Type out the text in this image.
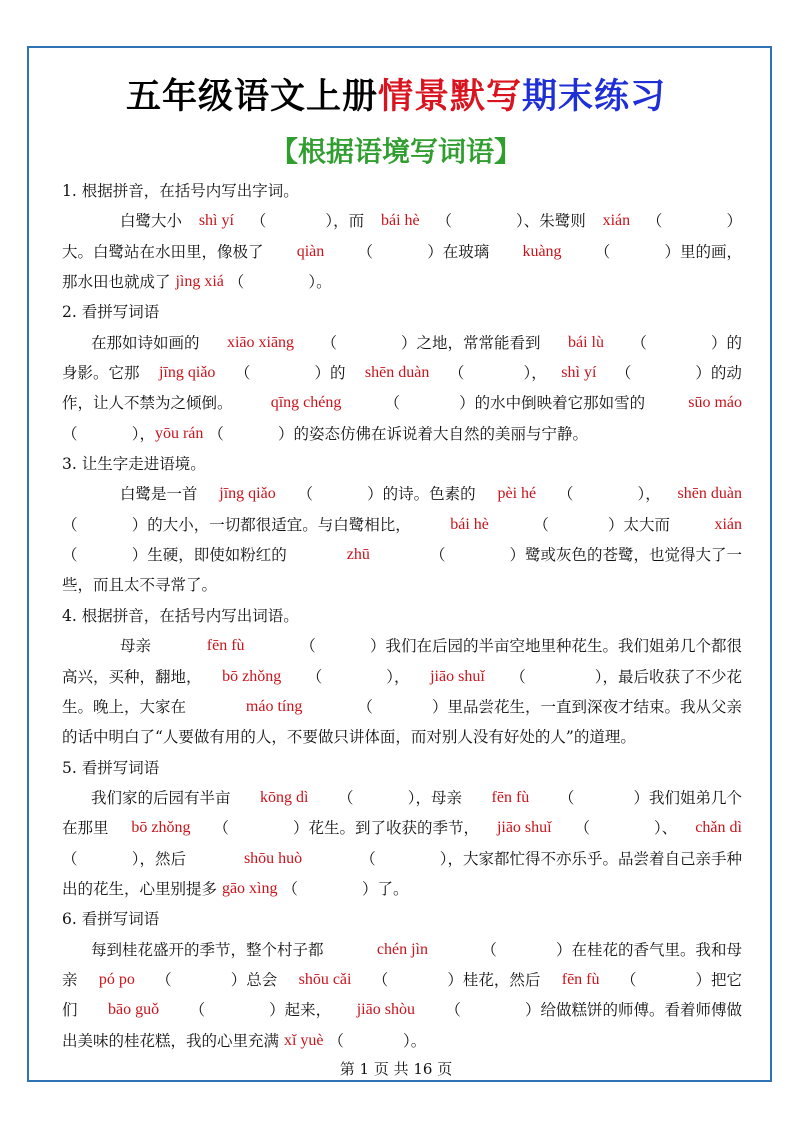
五年级语文上册情景默写期末练习
【根据语境写词语】
1. 根据拼音，在括号内写出字词。
白鹭大小 shì yí （            ），而 bái hè （             ）、朱鹭则 xián （             ）
大。白鹭站在水田里，像极了 qiàn （           ）在玻璃 kuàng （           ）里的画，
那水田也就成了 jìng xiá （             ）。
2. 看拼写词语
在那如诗如画的 xiāo xiāng （             ）之地，常常能看到 bái lù （             ）的
身影。它那 jīng qiǎo （             ）的 shēn duàn （            ）， shì yí （             ）的动
作，让人不禁为之倾倒。 qīng chéng （            ）的水中倒映着它那如雪的 sūo máo
（           ）， yōu rán （           ）的姿态仿佛在诉说着大自然的美丽与宁静。
3. 让生字走进语境。
白鹭是一首 jīng qiǎo （           ）的诗。色素的 pèi hé （             ）， shēn duàn
（           ）的大小，一切都很适宜。与白鹭相比， bái hè	（            ）太大而 xián
（           ）生硬，即使如粉红的	zhū	（             ）鹭或灰色的苍鹭，也觉得大了一
些，而且太不寻常了。
4. 根据拼音，在括号内写出词语。
母亲	fēn fù	（           ）我们在后园的半亩空地里种花生。我们姐弟几个都很
高兴，买种，翻地， bō zhǒng （             ）， jiāo shuǐ （              ），最后收获了不少花
生。晚上，大家在	máo tíng	（            ）里品尝花生，一直到深夜才结束。我从父亲
的话中明白了“人要做有用的人，不要做只讲体面，而对别人没有好处的人”的道理。
5. 看拼写词语
我们家的后园有半亩 kōng dì （           ），母亲 fēn fù （            ）我们姐弟几个
在那里 bō zhǒng （             ）花生。到了收获的季节， jiāo shuǐ （             ）、 chǎn dì
（           ），然后	shōu huò	（             ），大家都忙得不亦乐乎。品尝着自己亲手种
出的花生，心里别提多 gāo xìng （             ）了。
6. 看拼写词语
每到桂花盛开的季节，整个村子都	chén jìn	（            ）在桂花的香气里。我和母
亲 pó po （            ）总会 shōu cǎi （            ）桂花，然后 fēn fù （            ）把它
们 bāo guǒ （             ）起来， jiāo shòu （             ）给做糕饼的师傅。看着师傅做
出美味的桂花糕，我的心里充满 xǐ yuè （            ）。
第 1 页 共 16 页
